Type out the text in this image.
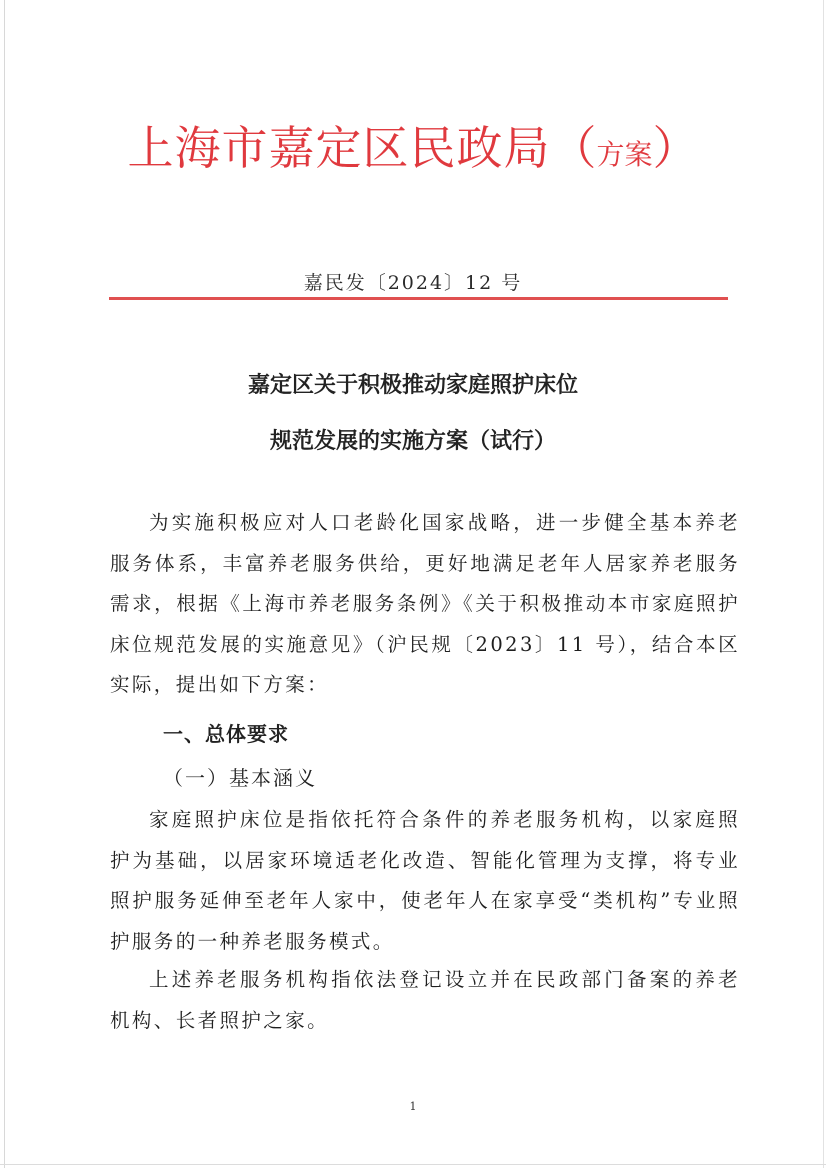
上海市嘉定区民政局（方案）
嘉民发〔2024〕12 号
嘉定区关于积极推动家庭照护床位
规范发展的实施方案（试行）
为实施积极应对人口老龄化国家战略，进一步健全基本养老服务体系，丰富养老服务供给，更好地满足老年人居家养老服务需求，根据《上海市养老服务条例》《关于积极推动本市家庭照护床位规范发展的实施意见》（沪民规〔2023〕11 号），结合本区实际，提出如下方案：
一、总体要求
（一）基本涵义
家庭照护床位是指依托符合条件的养老服务机构，以家庭照护为基础，以居家环境适老化改造、智能化管理为支撑，将专业照护服务延伸至老年人家中，使老年人在家享受“类机构”专业照护服务的一种养老服务模式。
上述养老服务机构指依法登记设立并在民政部门备案的养老机构、长者照护之家。
1
